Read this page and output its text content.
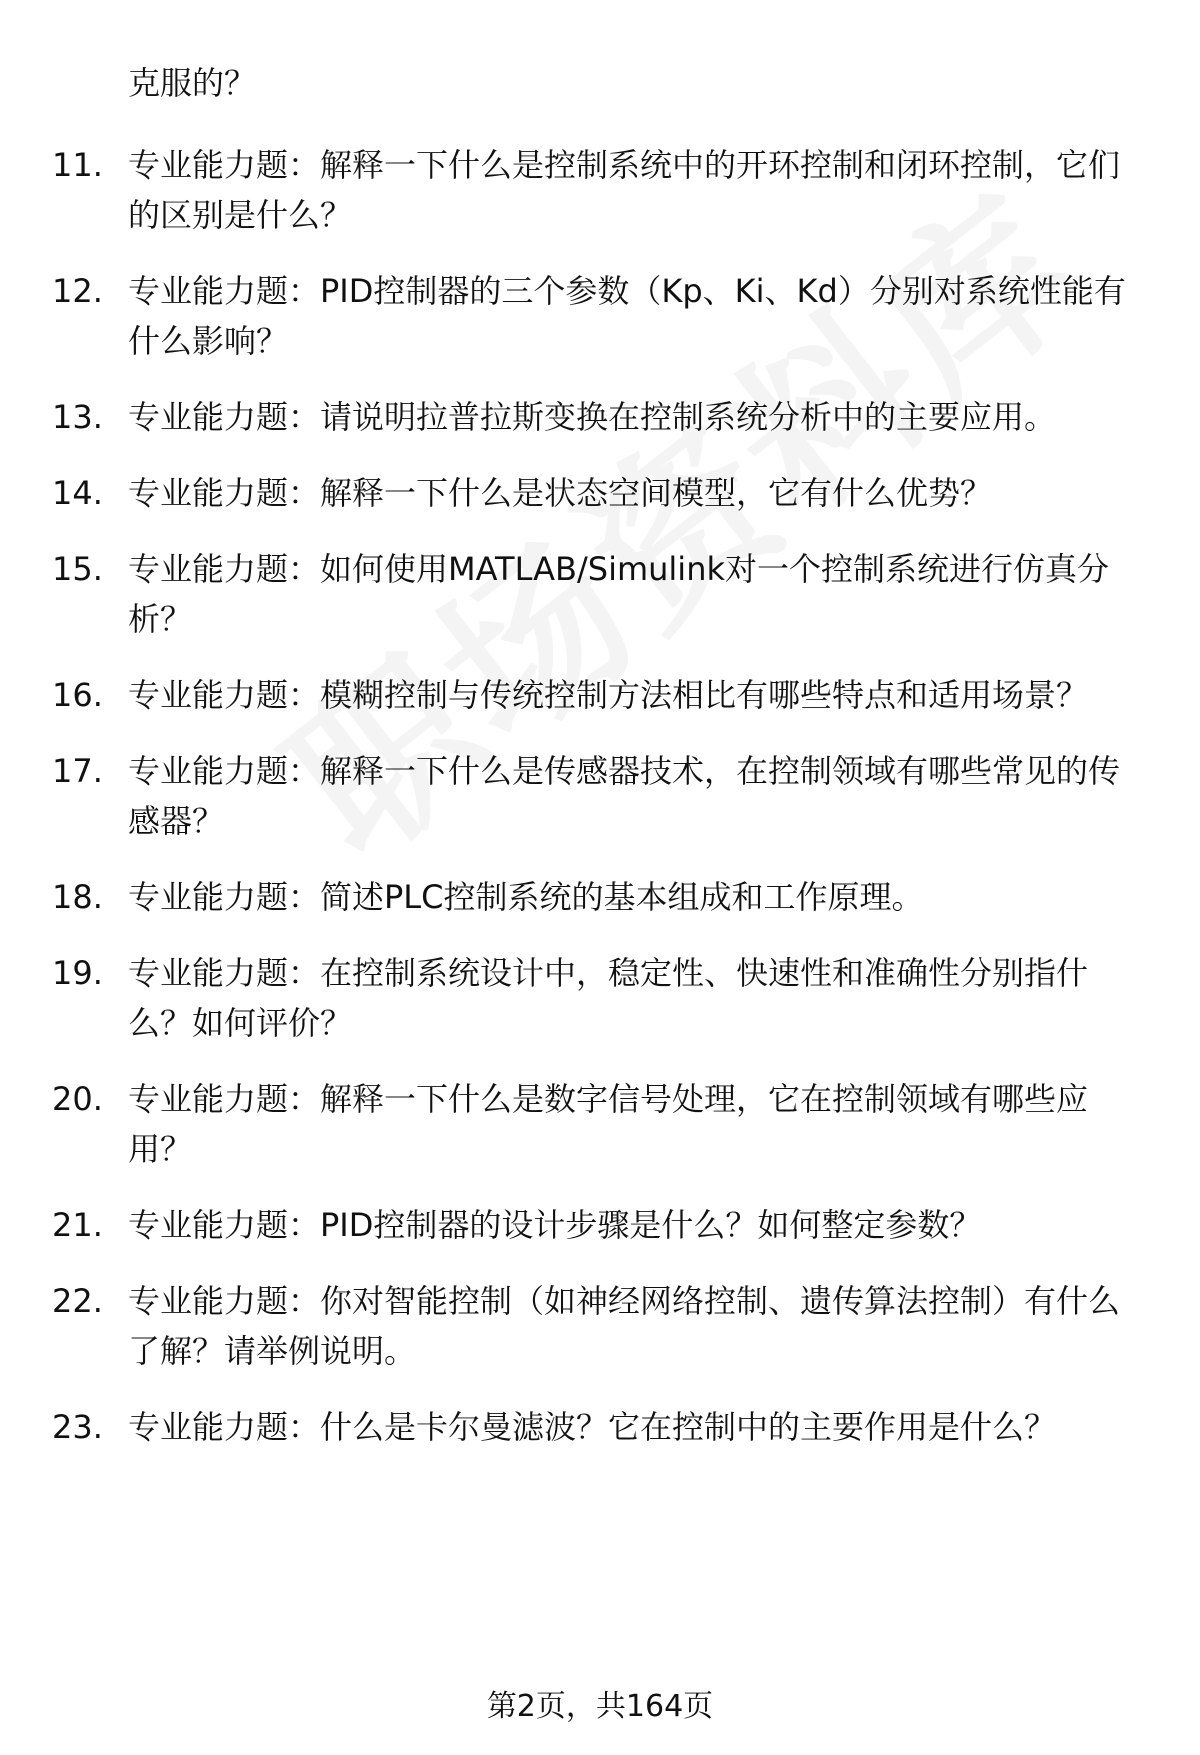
克服的？

11. 专业能力题：解释一下什么是控制系统中的开环控制和闭环控制，它们的区别是什么？
12. 专业能力题：PID控制器的三个参数（Kp、Ki、Kd）分别对系统性能有什么影响？
13. 专业能力题：请说明拉普拉斯变换在控制系统分析中的主要应用。
14. 专业能力题：解释一下什么是状态空间模型，它有什么优势？
15. 专业能力题：如何使用MATLAB/Simulink对一个控制系统进行仿真分析？
16. 专业能力题：模糊控制与传统控制方法相比有哪些特点和适用场景？
17. 专业能力题：解释一下什么是传感器技术，在控制领域有哪些常见的传感器？
18. 专业能力题：简述PLC控制系统的基本组成和工作原理。
19. 专业能力题：在控制系统设计中，稳定性、快速性和准确性分别指什么？如何评价？
20. 专业能力题：解释一下什么是数字信号处理，它在控制领域有哪些应用？
21. 专业能力题：PID控制器的设计步骤是什么？如何整定参数？
22. 专业能力题：你对智能控制（如神经网络控制、遗传算法控制）有什么了解？请举例说明。
23. 专业能力题：什么是卡尔曼滤波？它在控制中的主要作用是什么？
第2页，共164页
